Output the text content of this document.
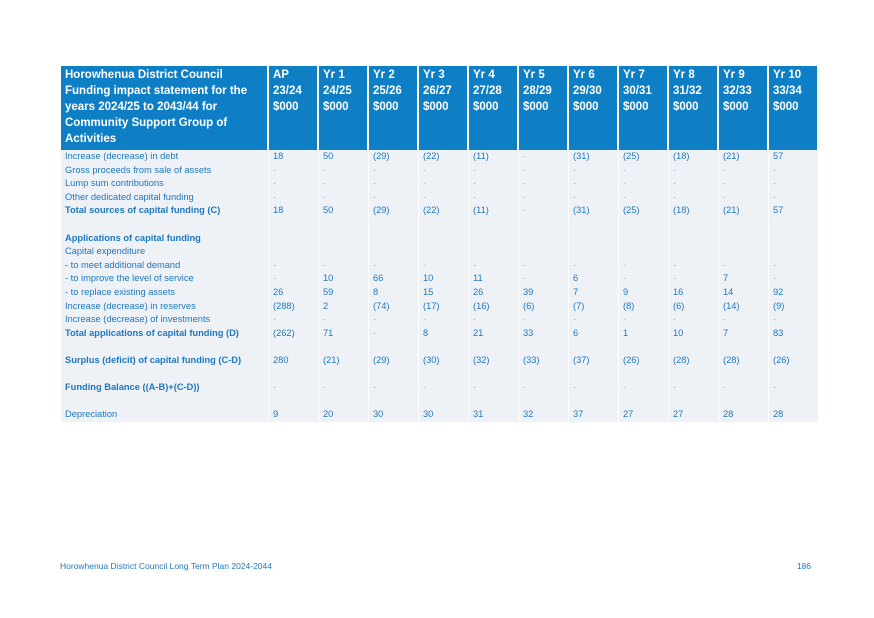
Horowhenua District Council
Funding impact statement for the
years 2024/25 to 2043/44 for
Community Support Group of
Activities	AP
23/24
$000	Yr 1
24/25
$000	Yr 2
25/26
$000	Yr 3
26/27
$000	Yr 4
27/28
$000	Yr 5
28/29
$000	Yr 6
29/30
$000	Yr 7
30/31
$000	Yr 8
31/32
$000	Yr 9
32/33
$000	Yr 10
33/34
$000

Increase (decrease) in debt	18	50	(29)	(22)	(11)	-	(31)	(25)	(18)	(21)	57
Gross proceeds from sale of assets	-	-	-	-	-	-	-	-	-	-	-
Lump sum contributions	-	-	-	-	-	-	-	-	-	-	-
Other dedicated capital funding	-	-	-	-	-	-	-	-	-	-	-
Total sources of capital funding (C)	18	50	(29)	(22)	(11)	-	(31)	(25)	(18)	(21)	57

Applications of capital funding											
Capital expenditure											
- to meet additional demand	-	-	-	-	-	-	-	-	-	-	-
- to improve the level of service	-	10	66	10	11	-	6	-	-	7	-
- to replace existing assets	26	59	8	15	26	39	7	9	16	14	92
Increase (decrease) in reserves	(288)	2	(74)	(17)	(16)	(6)	(7)	(8)	(6)	(14)	(9)
Increase (decrease) of investments	-	-	-	-	-	-	-	-	-	-	-
Total applications of capital funding (D)	(262)	71	-	8	21	33	6	1	10	7	83

Surplus (deficit) of capital funding (C-D)	280	(21)	(29)	(30)	(32)	(33)	(37)	(26)	(28)	(28)	(26)

Funding Balance ((A-B)+(C-D))	-	-	-	-	-	-	-	-	-	-	-

Depreciation	9	20	30	30	31	32	37	27	27	28	28
Horowhenua District Council Long Term Plan 2024-2044	186
